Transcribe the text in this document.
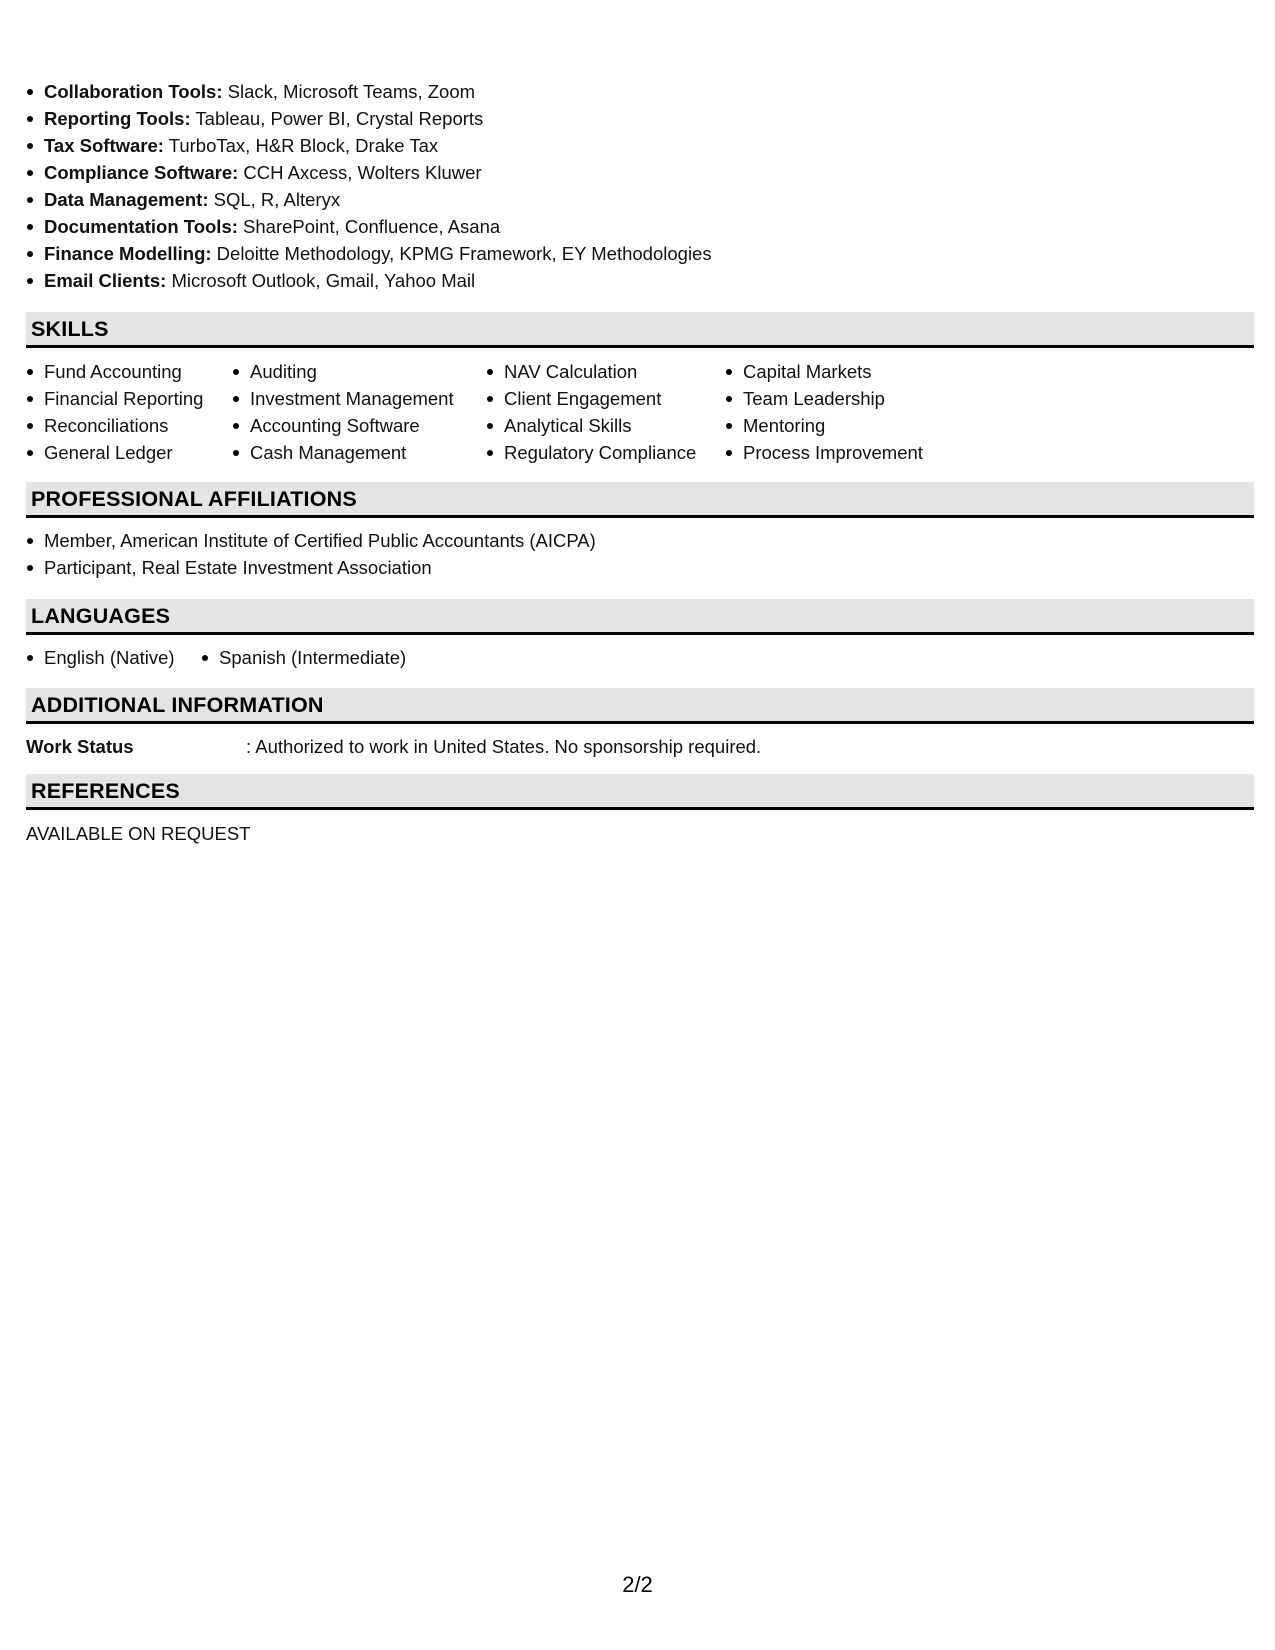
Collaboration Tools: Slack, Microsoft Teams, Zoom
Reporting Tools: Tableau, Power BI, Crystal Reports
Tax Software: TurboTax, H&R Block, Drake Tax
Compliance Software: CCH Axcess, Wolters Kluwer
Data Management: SQL, R, Alteryx
Documentation Tools: SharePoint, Confluence, Asana
Finance Modelling: Deloitte Methodology, KPMG Framework, EY Methodologies
Email Clients: Microsoft Outlook, Gmail, Yahoo Mail
SKILLS
Fund Accounting
Financial Reporting
Reconciliations
General Ledger
Auditing
Investment Management
Accounting Software
Cash Management
NAV Calculation
Client Engagement
Analytical Skills
Regulatory Compliance
Capital Markets
Team Leadership
Mentoring
Process Improvement
PROFESSIONAL AFFILIATIONS
Member, American Institute of Certified Public Accountants (AICPA)
Participant, Real Estate Investment Association
LANGUAGES
English (Native) Spanish (Intermediate)
ADDITIONAL INFORMATION
Work Status	: Authorized to work in United States. No sponsorship required.
REFERENCES
AVAILABLE ON REQUEST
2/2
